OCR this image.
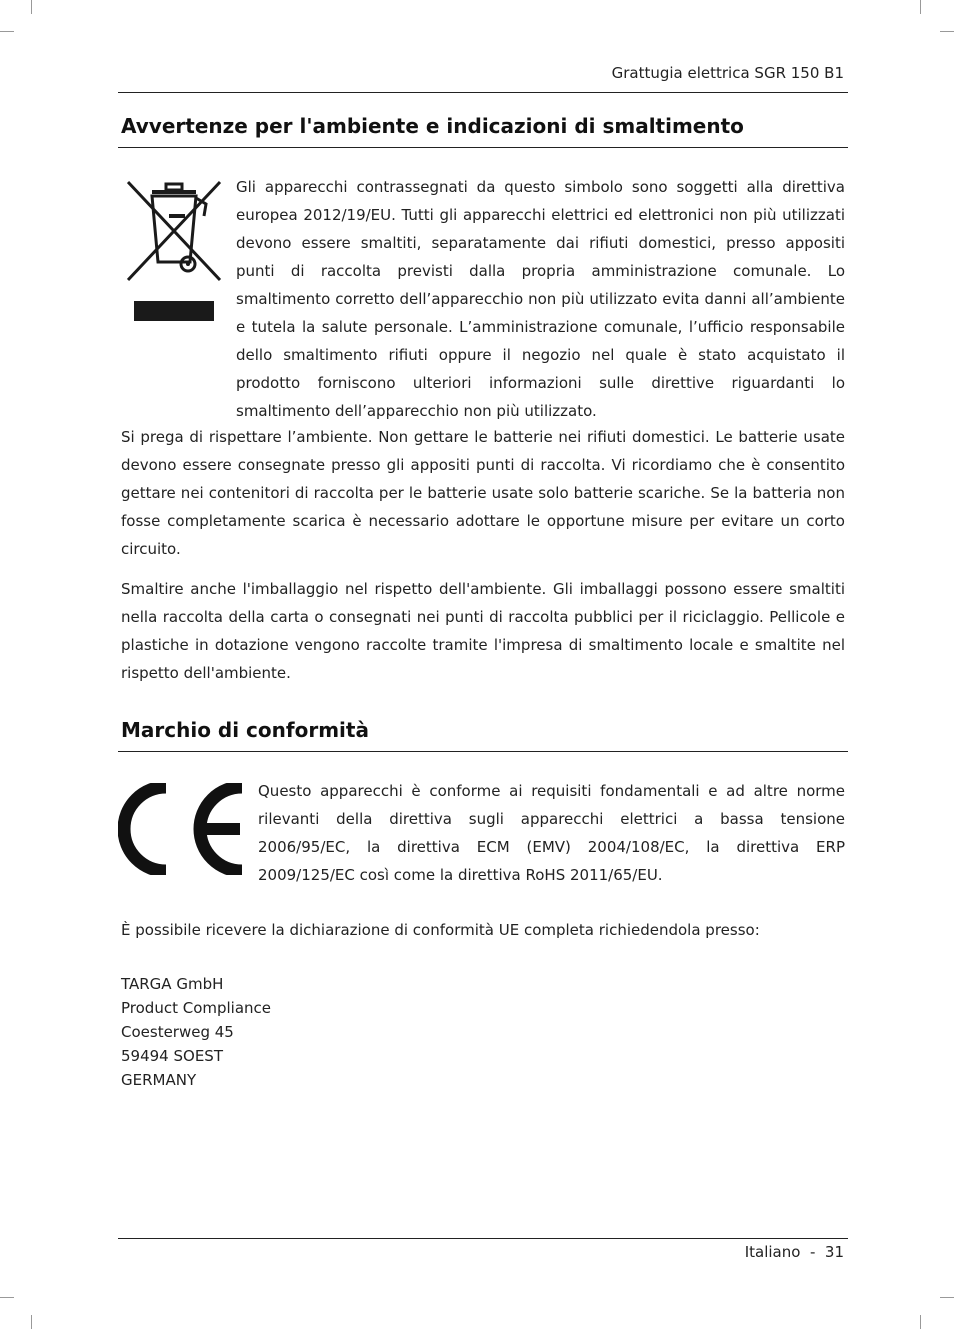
Grattugia elettrica SGR 150 B1
Avvertenze per l'ambiente e indicazioni di smaltimento

Gli apparecchi contrassegnati da questo simbolo sono soggetti alla direttiva europea 2012/19/EU. Tutti gli apparecchi elettrici ed elettronici non più utilizzati devono essere smaltiti, separatamente dai rifiuti domestici, presso appositi punti di raccolta previsti dalla propria amministrazione comunale. Lo smaltimento corretto dell’apparecchio non più utilizzato evita danni all’ambiente e tutela la salute personale. L’amministrazione comunale, l’ufficio responsabile dello smaltimento rifiuti oppure il negozio nel quale è stato acquistato il prodotto forniscono ulteriori informazioni sulle direttive riguardanti lo smaltimento dell’apparecchio non più utilizzato.

Si prega di rispettare l’ambiente. Non gettare le batterie nei rifiuti domestici. Le batterie usate devono essere consegnate presso gli appositi punti di raccolta. Vi ricordiamo che è consentito gettare nei contenitori di raccolta per le batterie usate solo batterie scariche. Se la batteria non fosse completamente scarica è necessario adottare le opportune misure per evitare un corto circuito.

Smaltire anche l'imballaggio nel rispetto dell'ambiente. Gli imballaggi possono essere smaltiti nella raccolta della carta o consegnati nei punti di raccolta pubblici per il riciclaggio. Pellicole e plastiche in dotazione vengono raccolte tramite l'impresa di smaltimento locale e smaltite nel rispetto dell'ambiente.

Marchio di conformità

Questo apparecchi è conforme ai requisiti fondamentali e ad altre norme rilevanti della direttiva sugli apparecchi elettrici a bassa tensione 2006/95/EC, la direttiva ECM (EMV) 2004/108/EC, la direttiva ERP 2009/125/EC così come la direttiva RoHS 2011/65/EU.

È possibile ricevere la dichiarazione di conformità UE completa richiedendola presso:

TARGA GmbH
Product Compliance
Coesterweg 45
59494 SOEST
GERMANY
Italiano  -  31
